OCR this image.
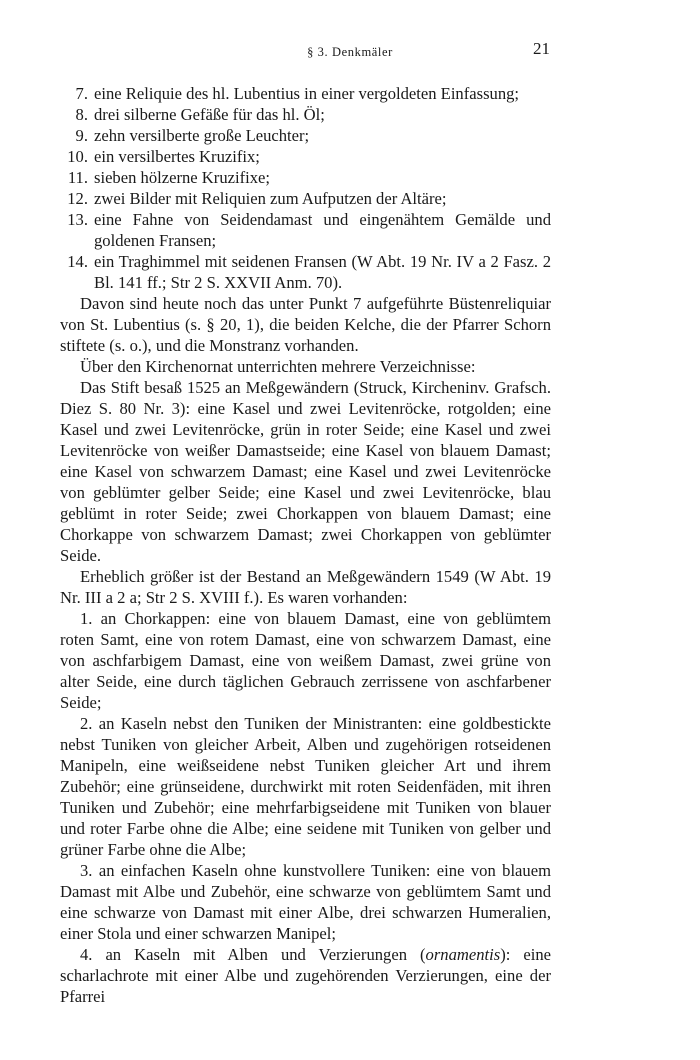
§ 3. Denkmäler	21
7. eine Reliquie des hl. Lubentius in einer vergoldeten Einfassung;
8. drei silberne Gefäße für das hl. Öl;
9. zehn versilberte große Leuchter;
10. ein versilbertes Kruzifix;
11. sieben hölzerne Kruzifixe;
12. zwei Bilder mit Reliquien zum Aufputzen der Altäre;
13. eine Fahne von Seidendamast und eingenähtem Gemälde und goldenen Fransen;
14. ein Traghimmel mit seidenen Fransen (W Abt. 19 Nr. IV a 2 Fasz. 2 Bl. 141 ff.; Str 2 S. XXVII Anm. 70).

Davon sind heute noch das unter Punkt 7 aufgeführte Büstenreliquiar von St. Lubentius (s. § 20, 1), die beiden Kelche, die der Pfarrer Schorn stiftete (s. o.), und die Monstranz vorhanden.

Über den Kirchenornat unterrichten mehrere Verzeichnisse:

Das Stift besaß 1525 an Meßgewändern (Struck, Kircheninv. Grafsch. Diez S. 80 Nr. 3): eine Kasel und zwei Levitenröcke, rotgolden; eine Kasel und zwei Levitenröcke, grün in roter Seide; eine Kasel und zwei Levitenröcke von weißer Damastseide; eine Kasel von blauem Damast; eine Kasel von schwarzem Damast; eine Kasel und zwei Levitenröcke von geblümter gelber Seide; eine Kasel und zwei Levitenröcke, blau geblümt in roter Seide; zwei Chorkappen von blauem Damast; eine Chorkappe von schwarzem Damast; zwei Chorkappen von geblümter Seide.

Erheblich größer ist der Bestand an Meßgewändern 1549 (W Abt. 19 Nr. III a 2 a; Str 2 S. XVIII f.). Es waren vorhanden:

1. an Chorkappen: eine von blauem Damast, eine von geblümtem roten Samt, eine von rotem Damast, eine von schwarzem Damast, eine von aschfarbigem Damast, eine von weißem Damast, zwei grüne von alter Seide, eine durch täglichen Gebrauch zerrissene von aschfarbener Seide;

2. an Kaseln nebst den Tuniken der Ministranten: eine goldbestickte nebst Tuniken von gleicher Arbeit, Alben und zugehörigen rotseidenen Manipeln, eine weißseidene nebst Tuniken gleicher Art und ihrem Zubehör; eine grünseidene, durchwirkt mit roten Seidenfäden, mit ihren Tuniken und Zubehör; eine mehrfarbigseidene mit Tuniken von blauer und roter Farbe ohne die Albe; eine seidene mit Tuniken von gelber und grüner Farbe ohne die Albe;

3. an einfachen Kaseln ohne kunstvollere Tuniken: eine von blauem Damast mit Albe und Zubehör, eine schwarze von geblümtem Samt und eine schwarze von Damast mit einer Albe, drei schwarzen Humeralien, einer Stola und einer schwarzen Manipel;

4. an Kaseln mit Alben und Verzierungen (ornamentis): eine scharlachrote mit einer Albe und zugehörenden Verzierungen, eine der Pfarrei
